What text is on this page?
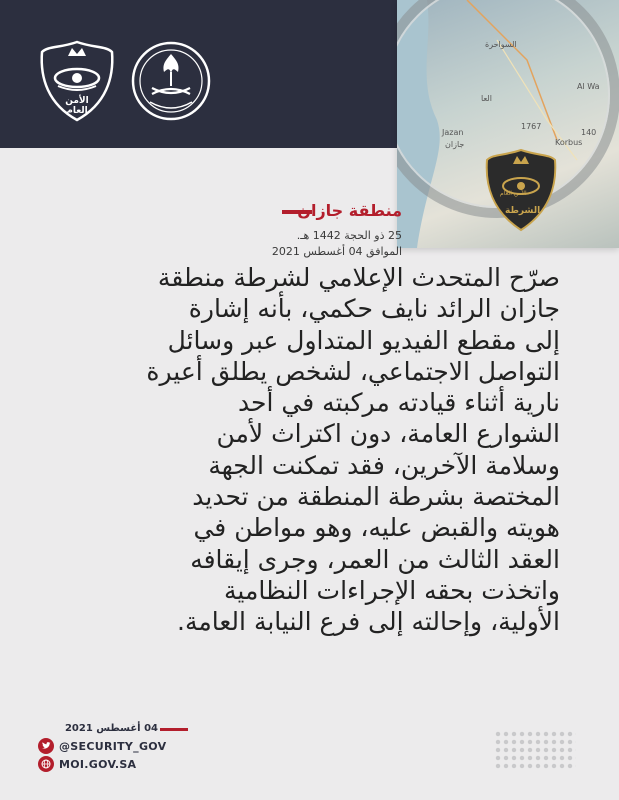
الأمن العام
السواحرة
Al Wa
العا
Jazan
جازان
1767
Korbus
140
الأمن العام
الشرطة
منطقة جازان
25 ذو الحجة 1442 هـ.
الموافق 04 أغسطس 2021
صرّح المتحدث الإعلامي لشرطة منطقة
جازان الرائد نايف حكمي، بأنه إشارة
إلى مقطع الفيديو المتداول عبر وسائل
التواصل الاجتماعي، لشخص يطلق أعيرة
نارية أثناء قيادته مركبته في أحد
الشوارع العامة، دون اكتراث لأمن
وسلامة الآخرين، فقد تمكنت الجهة
المختصة بشرطة المنطقة من تحديد
هويته والقبض عليه، وهو مواطن في
العقد الثالث من العمر، وجرى إيقافه
واتخذت بحقه الإجراءات النظامية
الأولية، وإحالته إلى فرع النيابة العامة.
04 أغسطس 2021
@SECURITY_GOV
MOI.GOV.SA
